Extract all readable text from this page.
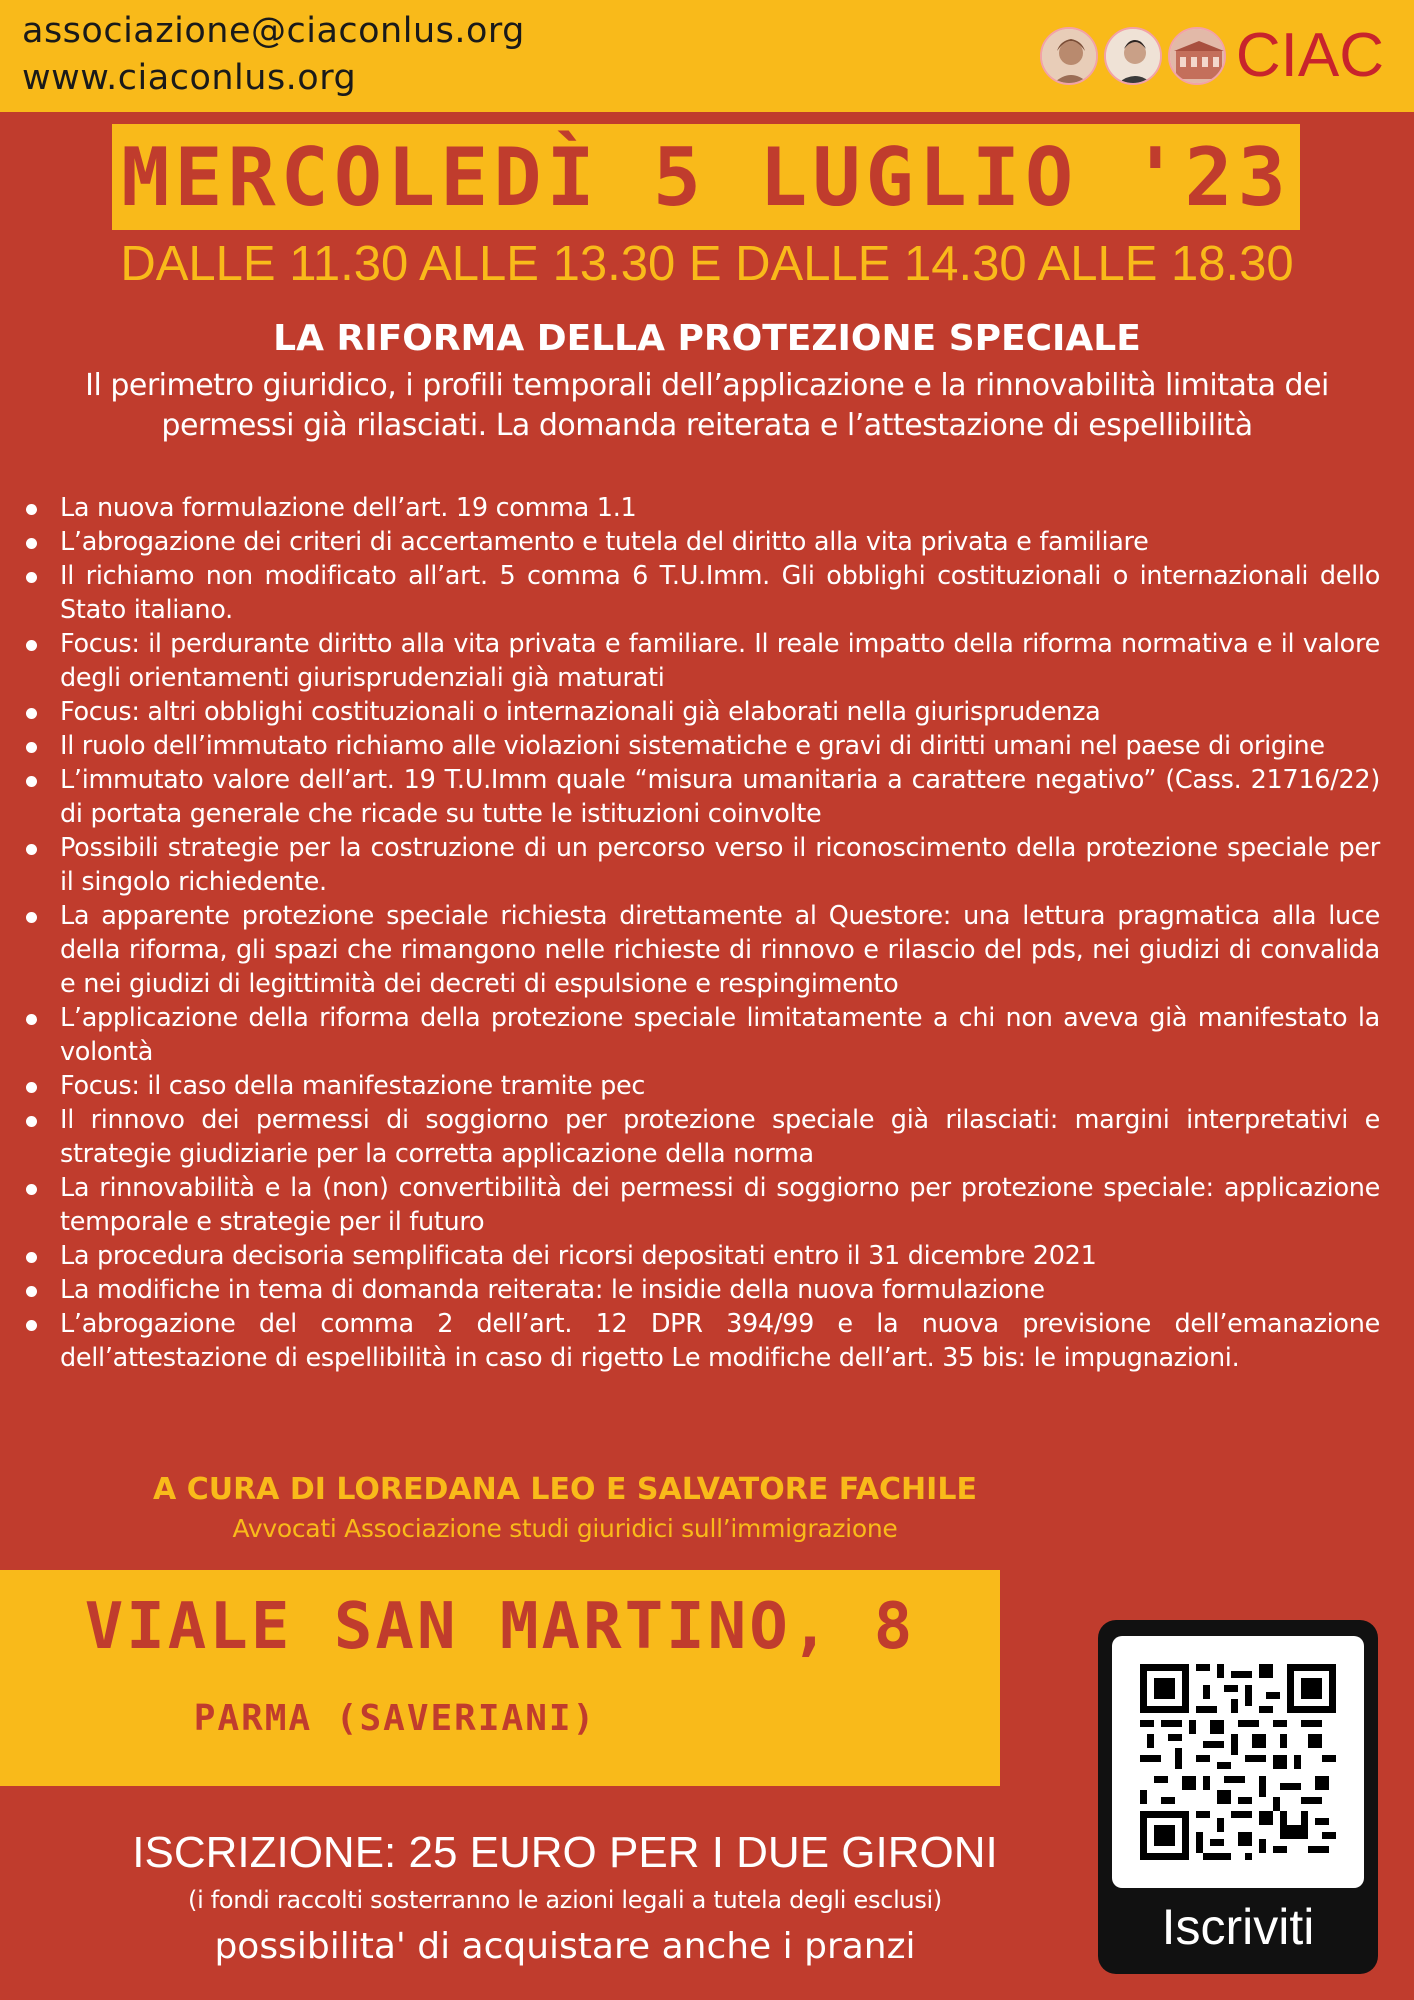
associazione@ciaconlus.org
www.ciaconlus.org	CIAC
MERCOLEDÌ 5 LUGLIO '23
DALLE 11.30 ALLE 13.30 E DALLE 14.30 ALLE 18.30
LA RIFORMA DELLA PROTEZIONE SPECIALE
Il perimetro giuridico, i profili temporali dell’applicazione e la rinnovabilità limitata dei permessi già rilasciati. La domanda reiterata e l’attestazione di espellibilità
La nuova formulazione dell’art. 19 comma 1.1
L’abrogazione dei criteri di accertamento e tutela del diritto alla vita privata e familiare
Il richiamo non modificato all’art. 5 comma 6 T.U.Imm. Gli obblighi costituzionali o internazionali dello Stato italiano.
Focus: il perdurante diritto alla vita privata e familiare. Il reale impatto della riforma normativa e il valore degli orientamenti giurisprudenziali già maturati
Focus: altri obblighi costituzionali o internazionali già elaborati nella giurisprudenza
Il ruolo dell’immutato richiamo alle violazioni sistematiche e gravi di diritti umani nel paese di origine
L’immutato valore dell’art. 19 T.U.Imm quale “misura umanitaria a carattere negativo” (Cass. 21716/22) di portata generale che ricade su tutte le istituzioni coinvolte
Possibili strategie per la costruzione di un percorso verso il riconoscimento della protezione speciale per il singolo richiedente.
La apparente protezione speciale richiesta direttamente al Questore: una lettura pragmatica alla luce della riforma, gli spazi che rimangono nelle richieste di rinnovo e rilascio del pds, nei giudizi di convalida e nei giudizi di legittimità dei decreti di espulsione e respingimento
L’applicazione della riforma della protezione speciale limitatamente a chi non aveva già manifestato la volontà
Focus: il caso della manifestazione tramite pec
Il rinnovo dei permessi di soggiorno per protezione speciale già rilasciati: margini interpretativi e strategie giudiziarie per la corretta applicazione della norma
La rinnovabilità e la (non) convertibilità dei permessi di soggiorno per protezione speciale: applicazione temporale e strategie per il futuro
La procedura decisoria semplificata dei ricorsi depositati entro il 31 dicembre 2021
La modifiche in tema di domanda reiterata: le insidie della nuova formulazione
L’abrogazione del comma 2 dell’art. 12 DPR 394/99 e la nuova previsione dell’emanazione dell’attestazione di espellibilità in caso di rigetto Le modifiche dell’art. 35 bis: le impugnazioni.
A CURA DI LOREDANA LEO E SALVATORE FACHILE
Avvocati Associazione studi giuridici sull’immigrazione
VIALE SAN MARTINO, 8
PARMA (SAVERIANI)
ISCRIZIONE: 25 EURO PER I DUE GIRONI
(i fondi raccolti sosterranno le azioni legali a tutela degli esclusi)
possibilita' di acquistare anche i pranzi	Iscriviti
